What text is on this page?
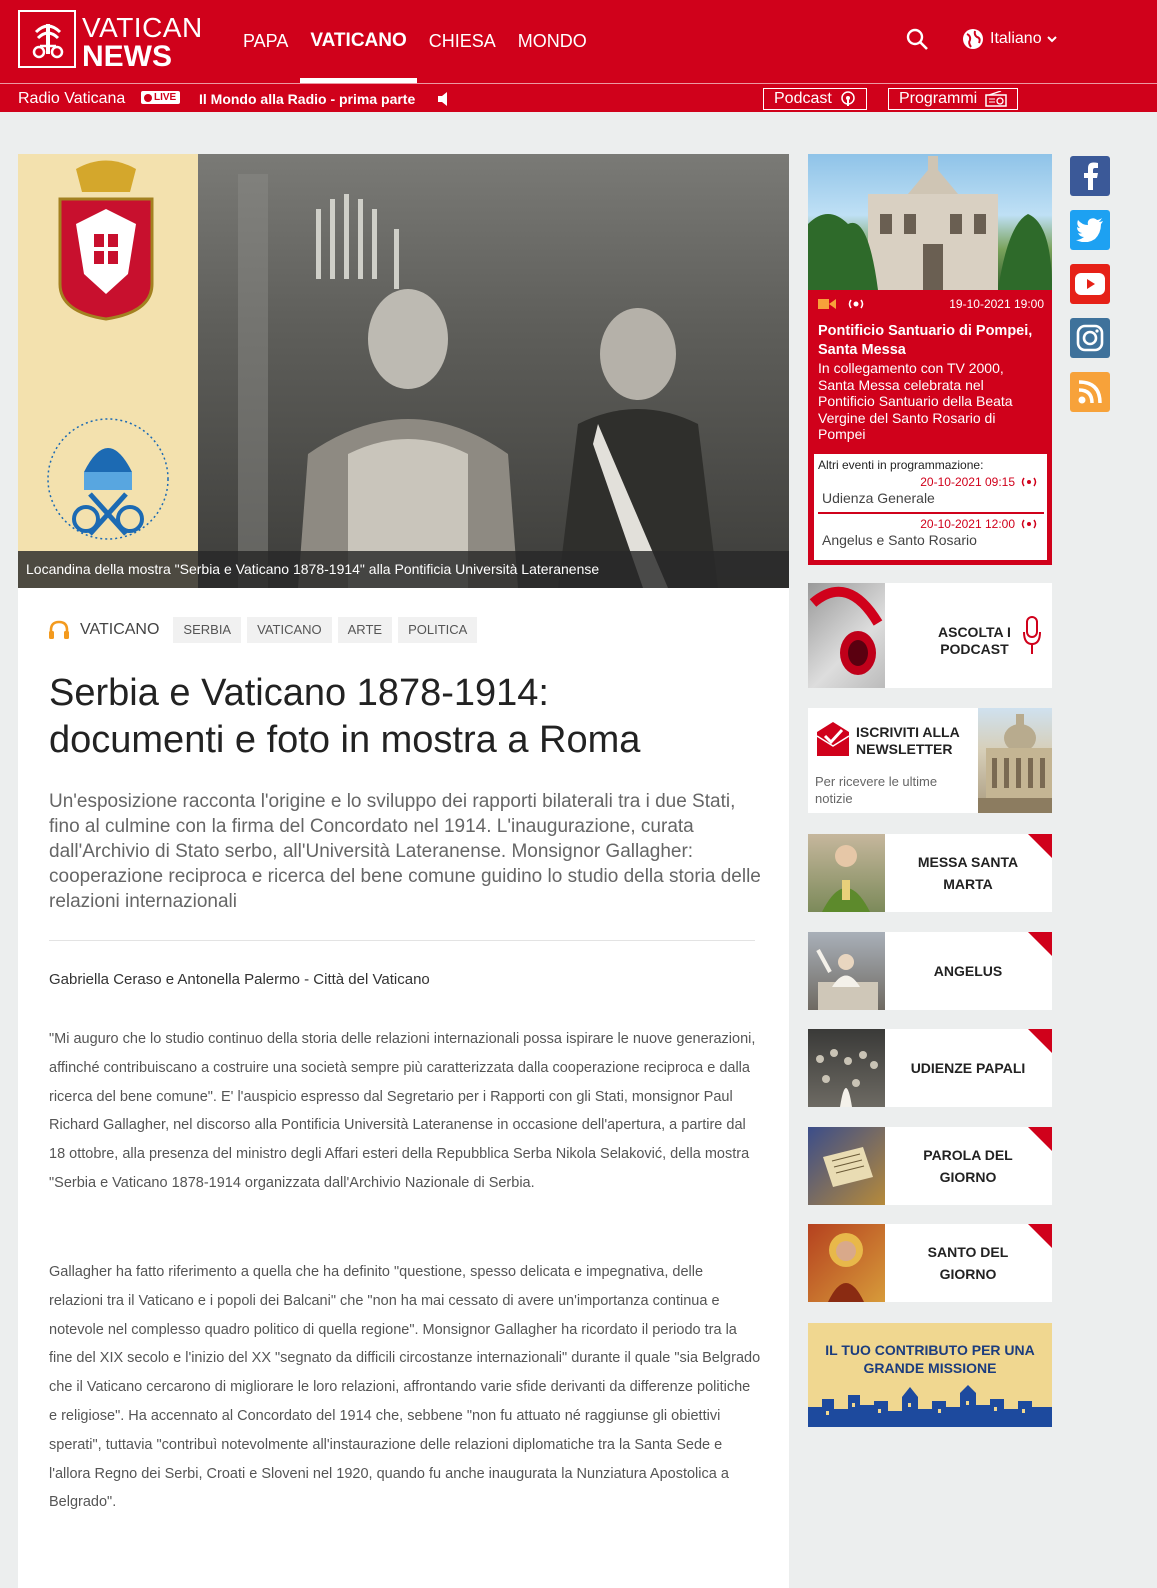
VATICAN
NEWS	PAPA VATICANO CHIESA MONDO	Italiano
Radio Vaticana	LIVE Il Mondo alla Radio - prima parte	Podcast	Programmi
Locandina della mostra "Serbia e Vaticano 1878-1914" alla Pontificia Università Lateranense
VATICANO	SERBIA	VATICANO	ARTE	POLITICA
Serbia e Vaticano 1878-1914:
documenti e foto in mostra a Roma

Un'esposizione racconta l'origine e lo sviluppo dei rapporti bilaterali tra i due Stati, fino al culmine con la firma del Concordato nel 1914. L'inaugurazione, curata dall'Archivio di Stato serbo, all'Università Lateranense. Monsignor Gallagher: cooperazione reciproca e ricerca del bene comune guidino lo studio della storia delle relazioni internazionali

Gabriella Ceraso e Antonella Palermo - Città del Vaticano

"Mi auguro che lo studio continuo della storia delle relazioni internazionali possa ispirare le nuove generazioni, affinché contribuiscano a costruire una società sempre più caratterizzata dalla cooperazione reciproca e dalla ricerca del bene comune". E' l'auspicio espresso dal Segretario per i Rapporti con gli Stati, monsignor Paul Richard Gallagher, nel discorso alla Pontificia Università Lateranense in occasione dell'apertura, a partire dal 18 ottobre, alla presenza del ministro degli Affari esteri della Repubblica Serba Nikola Selaković, della mostra "Serbia e Vaticano 1878-1914 organizzata dall'Archivio Nazionale di Serbia.

Gallagher ha fatto riferimento a quella che ha definito "questione, spesso delicata e impegnativa, delle relazioni tra il Vaticano e i popoli dei Balcani" che "non ha mai cessato di avere un'importanza continua e notevole nel complesso quadro politico di quella regione". Monsignor Gallagher ha ricordato il periodo tra la fine del XIX secolo e l'inizio del XX "segnato da difficili circostanze internazionali" durante il quale "sia Belgrado che il Vaticano cercarono di migliorare le loro relazioni, affrontando varie sfide derivanti da differenze politiche e religiose". Ha accennato al Concordato del 1914 che, sebbene "non fu attuato né raggiunse gli obiettivi sperati", tuttavia "contribuì notevolmente all'instaurazione delle relazioni diplomatiche tra la Santa Sede e l'allora Regno dei Serbi, Croati e Sloveni nel 1920, quando fu anche inaugurata la Nunziatura Apostolica a Belgrado".

19-10-2021 19:00
Pontificio Santuario di Pompei, Santa Messa
In collegamento con TV 2000, Santa Messa celebrata nel Pontificio Santuario della Beata Vergine del Santo Rosario di Pompei
Altri eventi in programmazione:
20-10-2021 09:15
Udienza Generale
20-10-2021 12:00
Angelus e Santo Rosario
ASCOLTA I
PODCAST
ISCRIVITI ALLA
NEWSLETTER
Per ricevere le ultime notizie
MESSA SANTA
MARTA
ANGELUS
UDIENZE PAPALI
PAROLA DEL
GIORNO
SANTO DEL
GIORNO
IL TUO CONTRIBUTO PER UNA
GRANDE MISSIONE
